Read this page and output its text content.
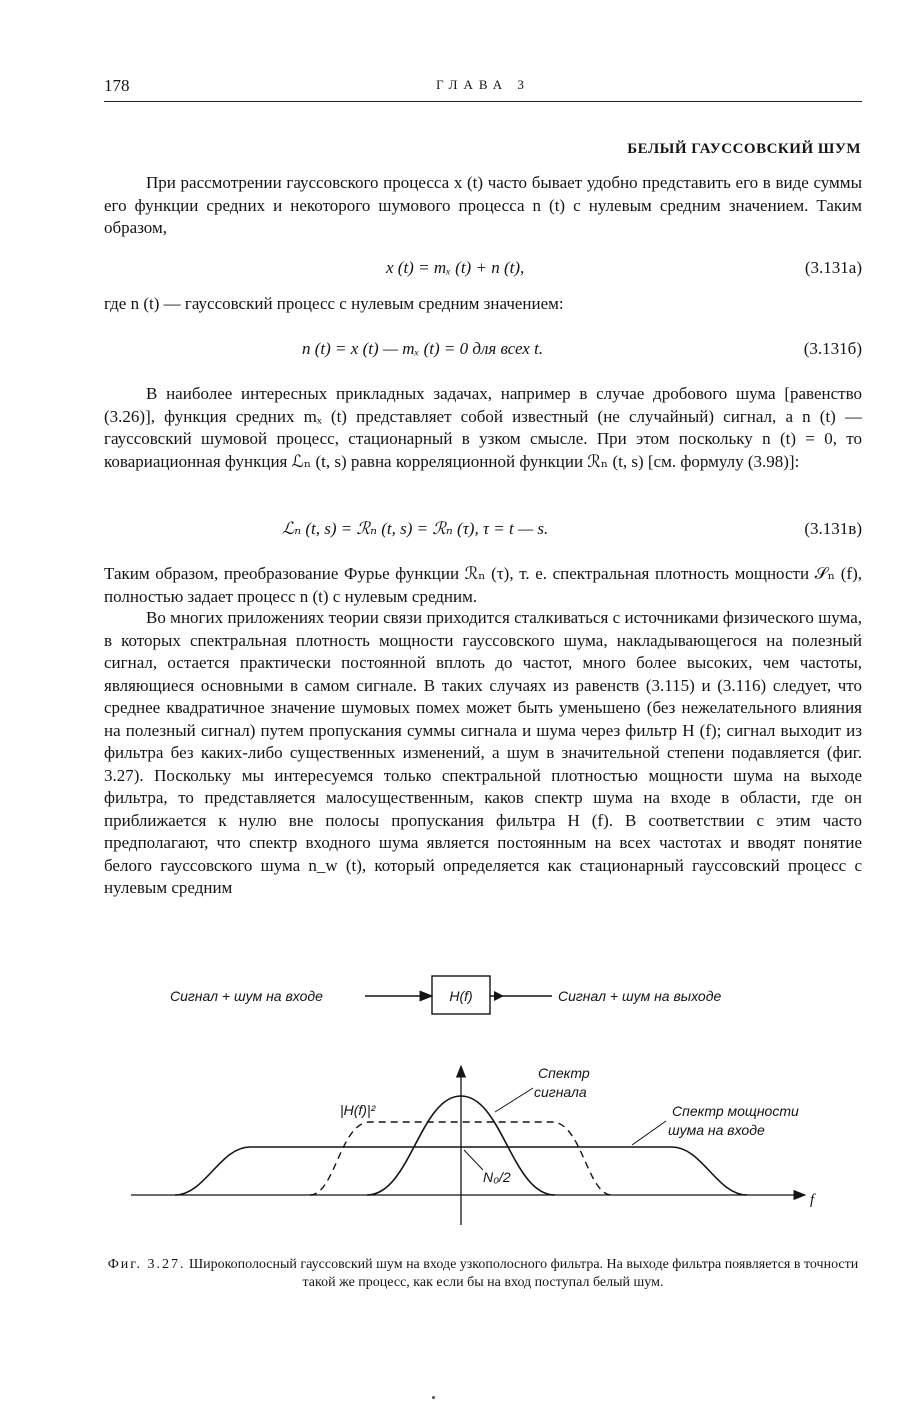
178	ГЛАВА 3
БЕЛЫЙ ГАУССОВСКИЙ ШУМ
При рассмотрении гауссовского процесса x (t) часто бывает удобно представить его в виде суммы его функции средних и некоторого шумового процесса n (t) с нулевым средним значением. Таким образом,
x (t) = mₓ (t) + n (t),	(3.131а)
где n (t) — гауссовский процесс с нулевым средним значением:
n (t) = x (t) — mₓ (t) = 0 для всех t.	(3.131б)
В наиболее интересных прикладных задачах, например в случае дробового шума [равенство (3.26)], функция средних mₓ (t) представляет собой известный (не случайный) сигнал, а n (t) — гауссовский шумовой процесс, стационарный в узком смысле. При этом поскольку n (t) = 0, то ковариационная функция ℒₙ (t, s) равна корреляционной функции ℛₙ (t, s) [см. формулу (3.98)]:
ℒₙ (t, s) = ℛₙ (t, s) = ℛₙ (τ), τ = t — s.	(3.131в)
Таким образом, преобразование Фурье функции ℛₙ (τ), т. е. спектральная плотность мощности 𝒮ₙ (f), полностью задает процесс n (t) с нулевым средним.
Во многих приложениях теории связи приходится сталкиваться с источниками физического шума, в которых спектральная плотность мощности гауссовского шума, накладывающегося на полезный сигнал, остается практически постоянной вплоть до частот, много более высоких, чем частоты, являющиеся основными в самом сигнале. В таких случаях из равенств (3.115) и (3.116) следует, что среднее квадратичное значение шумовых помех может быть уменьшено (без нежелательного влияния на полезный сигнал) путем пропускания суммы сигнала и шума через фильтр H (f); сигнал выходит из фильтра без каких-либо существенных изменений, а шум в значительной степени подавляется (фиг. 3.27). Поскольку мы интересуемся только спектральной плотностью мощности шума на выходе фильтра, то представляется малосущественным, каков спектр шума на входе в области, где он приближается к нулю вне полосы пропускания фильтра H (f). В соответствии с этим часто предполагают, что спектр входного шума является постоянным на всех частотах и вводят понятие белого гауссовского шума n_w (t), который определяется как стационарный гауссовский процесс с нулевым средним
Сигнал + шум на входе	H(f)	Сигнал + шум на выходе
f
|H(f)|²
Спектр
сигнала
Спектр мощности
шума на входе
N₀/2
Фиг. 3.27. Широкополосный гауссовский шум на входе узкополосного фильтра. На выходе фильтра появляется в точности такой же процесс, как если бы на вход поступал белый шум.
